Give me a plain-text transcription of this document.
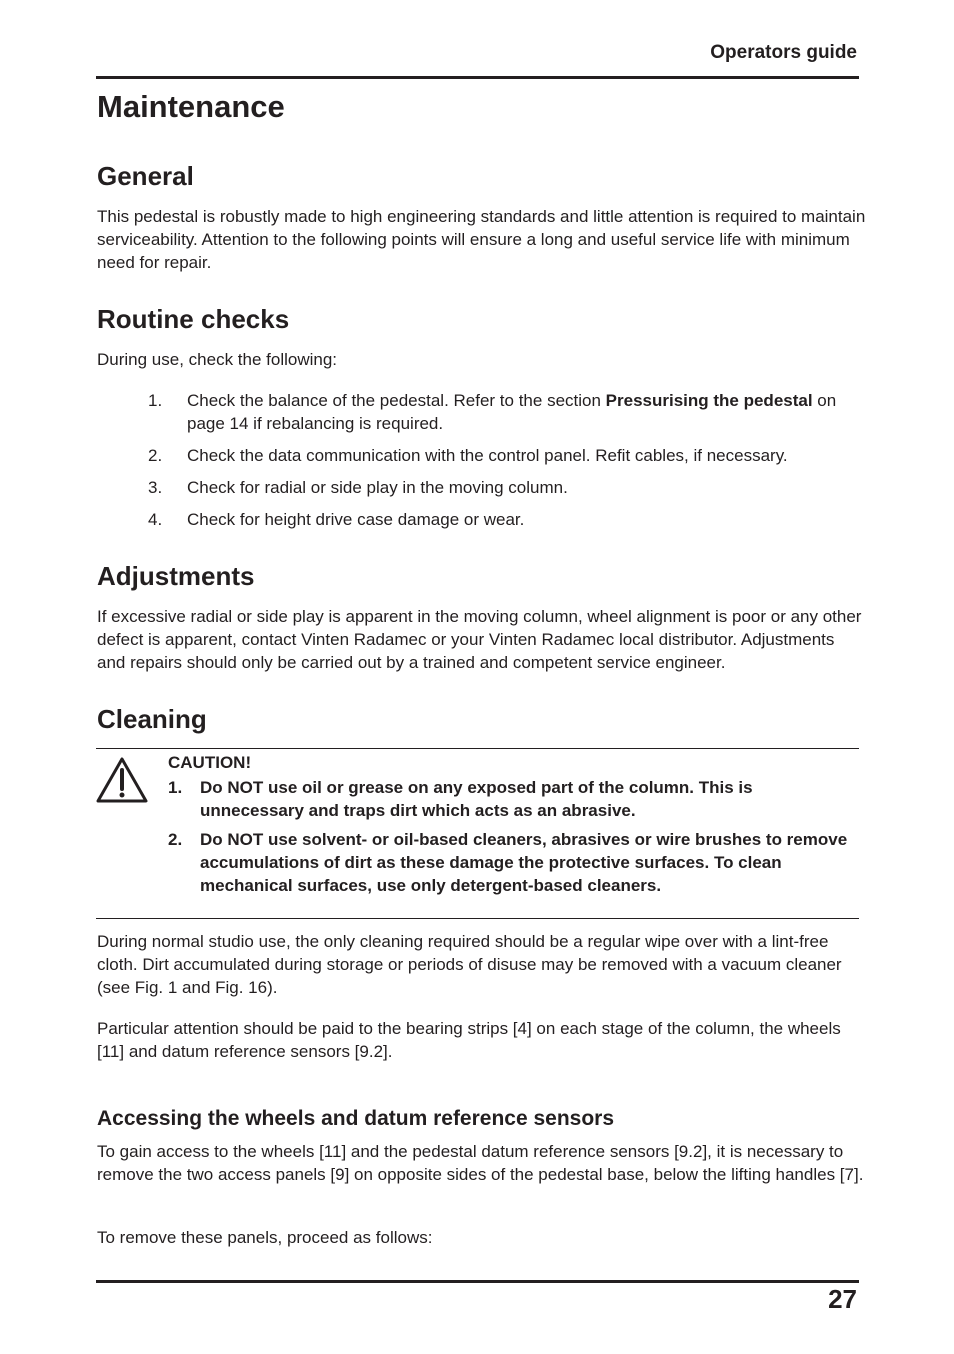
Operators guide
Maintenance
General

This pedestal is robustly made to high engineering standards and little attention is required to maintain serviceability. Attention to the following points will ensure a long and useful service life with minimum need for repair.

Routine checks

During use, check the following:

1. Check the balance of the pedestal. Refer to the section Pressurising the pedestal on page 14 if rebalancing is required.
2. Check the data communication with the control panel. Refit cables, if necessary.
3. Check for radial or side play in the moving column.
4. Check for height drive case damage or wear.
Adjustments

If excessive radial or side play is apparent in the moving column, wheel alignment is poor or any other defect is apparent, contact Vinten Radamec or your Vinten Radamec local distributor. Adjustments and repairs should only be carried out by a trained and competent service engineer.

Cleaning
CAUTION!
1. Do NOT use oil or grease on any exposed part of the column. This is unnecessary and traps dirt which acts as an abrasive.
2. Do NOT use solvent- or oil-based cleaners, abrasives or wire brushes to remove accumulations of dirt as these damage the protective surfaces. To clean mechanical surfaces, use only detergent-based cleaners.

During normal studio use, the only cleaning required should be a regular wipe over with a lint-free cloth. Dirt accumulated during storage or periods of disuse may be removed with a vacuum cleaner (see Fig. 1 and Fig. 16).

Particular attention should be paid to the bearing strips [4] on each stage of the column, the wheels [11] and datum reference sensors [9.2].

Accessing the wheels and datum reference sensors

To gain access to the wheels [11] and the pedestal datum reference sensors [9.2], it is necessary to remove the two access panels [9] on opposite sides of the pedestal base, below the lifting handles [7].

To remove these panels, proceed as follows:

27
